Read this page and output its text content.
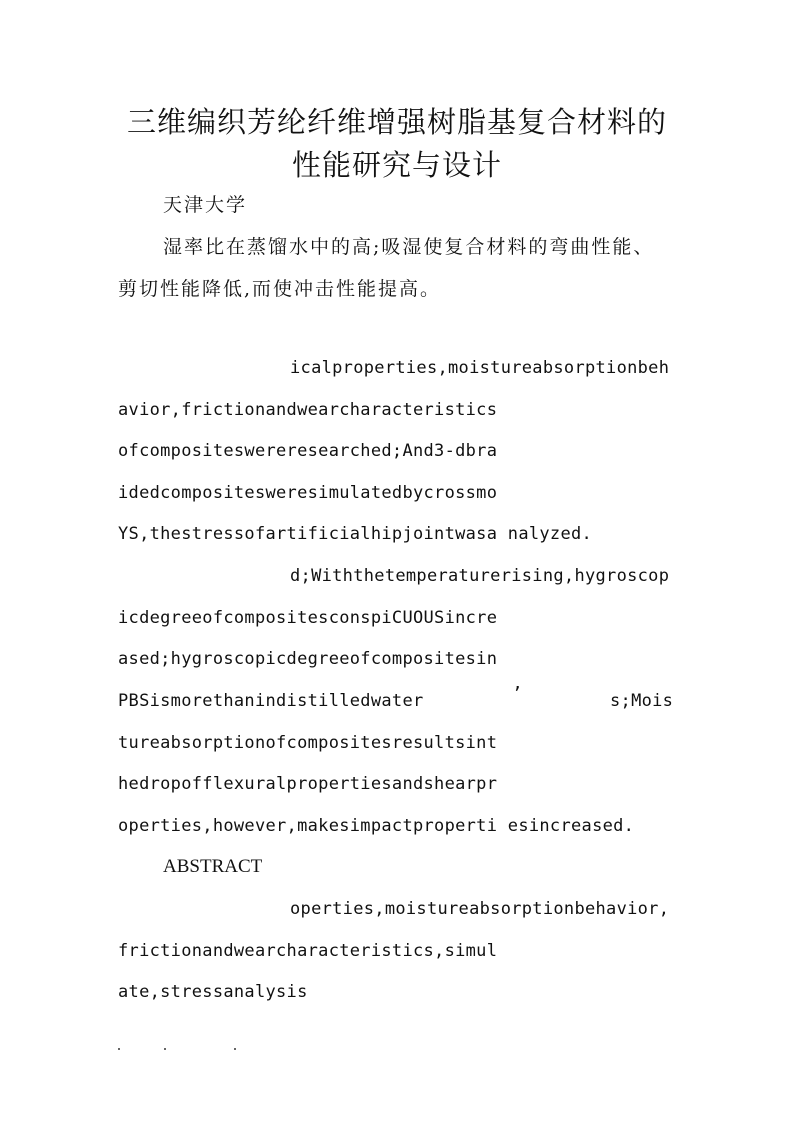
三维编织芳纶纤维增强树脂基复合材料的
性能研究与设计
天津大学
湿率比在蒸馏水中的高;吸湿使复合材料的弯曲性能、
剪切性能降低,而使冲击性能提高。
icalproperties,moistureabsorptionbeh
avior,frictionandwearcharacteristics
ofcompositeswereresearched;And3-dbra
idedcompositesweresimulatedbycrossmo
YS,thestressofartificialhipjointwasa nalyzed.
d;Withthetemperaturerising,hygroscop
icdegreeofcompositesconspiCUOUSincre
ased;hygroscopicdegreeofcompositesin
PBSismorethanindistilledwater	’	s;Mois
tureabsorptionofcompositesresultsint
hedropofflexuralpropertiesandshearpr
operties,however,makesimpactproperti esincreased.
ABSTRACT
operties,moistureabsorptionbehavior,
frictionandwearcharacteristics,simul
ate,stressanalysis
